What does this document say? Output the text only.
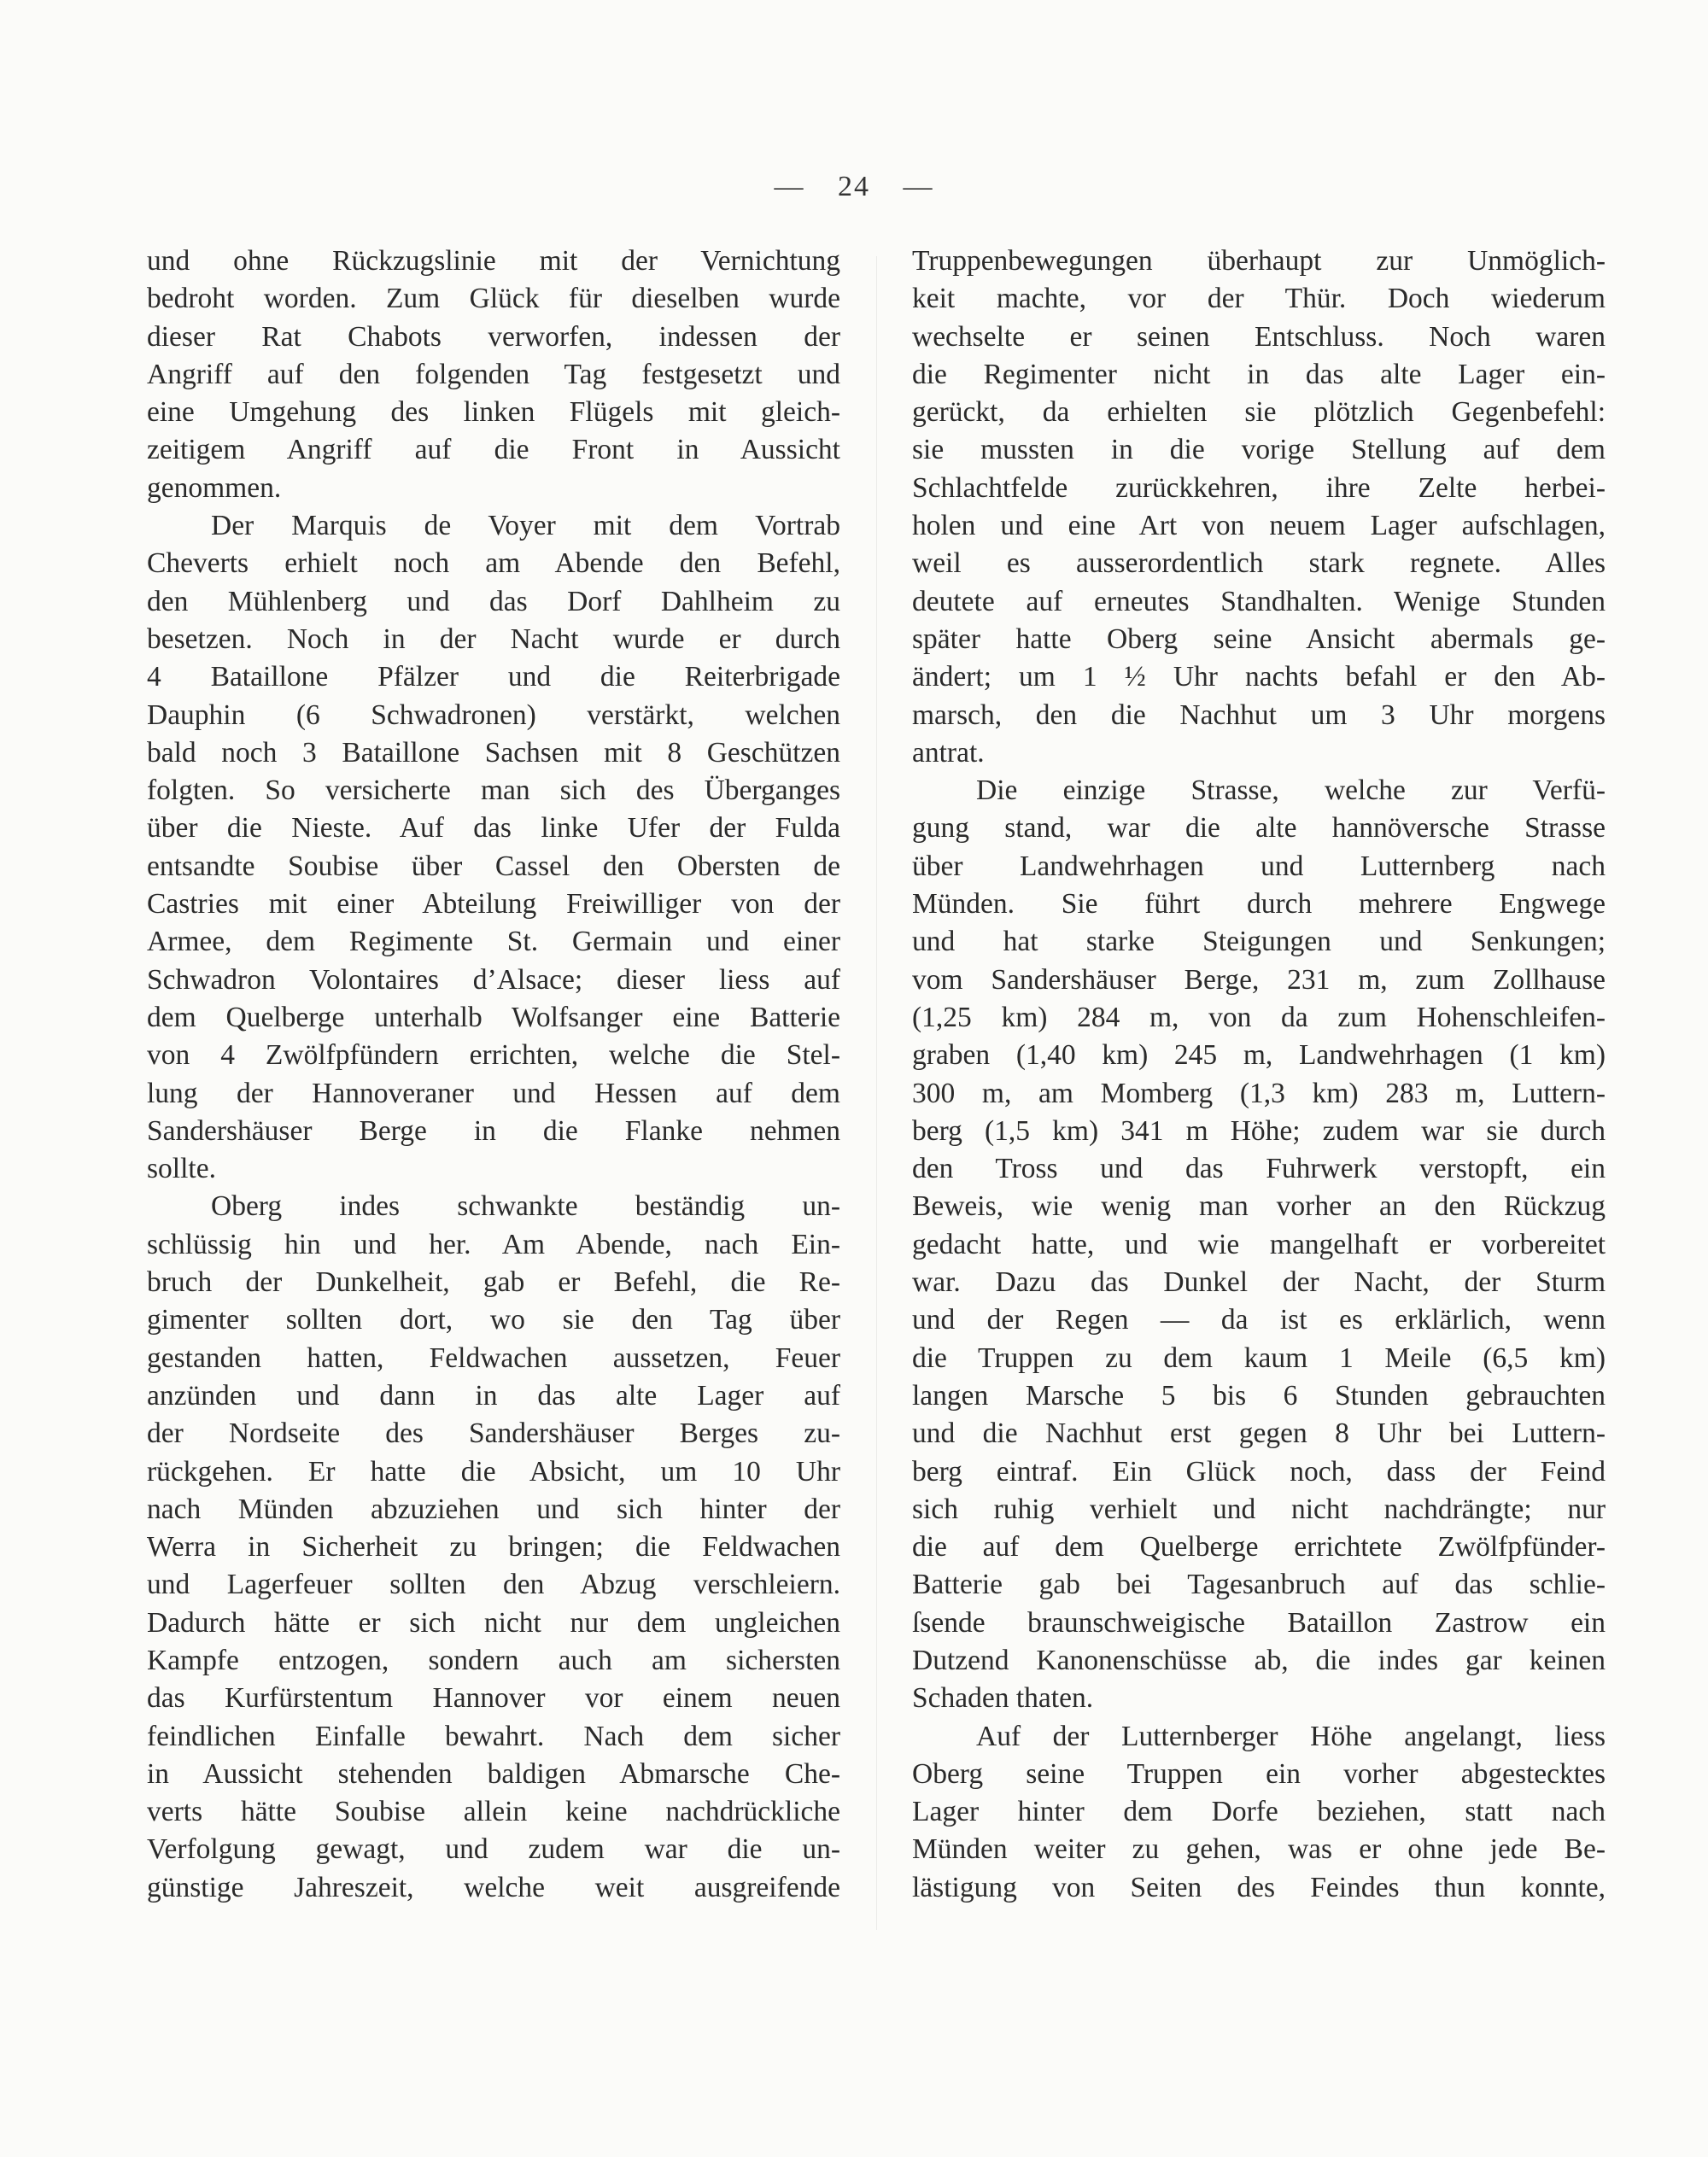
— 24 —
und ohne Rückzugslinie mit der Vernichtung
bedroht worden. Zum Glück für dieselben wurde
dieser Rat Chabots verworfen, indessen der
Angriff auf den folgenden Tag festgesetzt und
eine Umgehung des linken Flügels mit gleich-
zeitigem Angriff auf die Front in Aussicht
genommen.
Der Marquis de Voyer mit dem Vortrab
Cheverts erhielt noch am Abende den Befehl,
den Mühlenberg und das Dorf Dahlheim zu
besetzen. Noch in der Nacht wurde er durch
4 Bataillone Pfälzer und die Reiterbrigade
Dauphin (6 Schwadronen) verstärkt, welchen
bald noch 3 Bataillone Sachsen mit 8 Geschützen
folgten. So versicherte man sich des Überganges
über die Nieste. Auf das linke Ufer der Fulda
entsandte Soubise über Cassel den Obersten de
Castries mit einer Abteilung Freiwilliger von der
Armee, dem Regimente St. Germain und einer
Schwadron Volontaires d’Alsace; dieser liess auf
dem Quelberge unterhalb Wolfsanger eine Batterie
von 4 Zwölfpfündern errichten, welche die Stel-
lung der Hannoveraner und Hessen auf dem
Sandershäuser Berge in die Flanke nehmen
sollte.
Oberg indes schwankte beständig un-
schlüssig hin und her. Am Abende, nach Ein-
bruch der Dunkelheit, gab er Befehl, die Re-
gimenter sollten dort, wo sie den Tag über
gestanden hatten, Feldwachen aussetzen, Feuer
anzünden und dann in das alte Lager auf
der Nordseite des Sandershäuser Berges zu-
rückgehen. Er hatte die Absicht, um 10 Uhr
nach Münden abzuziehen und sich hinter der
Werra in Sicherheit zu bringen; die Feldwachen
und Lagerfeuer sollten den Abzug verschleiern.
Dadurch hätte er sich nicht nur dem ungleichen
Kampfe entzogen, sondern auch am sichersten
das Kurfürstentum Hannover vor einem neuen
feindlichen Einfalle bewahrt. Nach dem sicher
in Aussicht stehenden baldigen Abmarsche Che-
verts hätte Soubise allein keine nachdrückliche
Verfolgung gewagt, und zudem war die un-
günstige Jahreszeit, welche weit ausgreifende
Truppenbewegungen überhaupt zur Unmöglich-
keit machte, vor der Thür. Doch wiederum
wechselte er seinen Entschluss. Noch waren
die Regimenter nicht in das alte Lager ein-
gerückt, da erhielten sie plötzlich Gegenbefehl:
sie mussten in die vorige Stellung auf dem
Schlachtfelde zurückkehren, ihre Zelte herbei-
holen und eine Art von neuem Lager aufschlagen,
weil es ausserordentlich stark regnete. Alles
deutete auf erneutes Standhalten. Wenige Stunden
später hatte Oberg seine Ansicht abermals ge-
ändert; um 1 ½ Uhr nachts befahl er den Ab-
marsch, den die Nachhut um 3 Uhr morgens
antrat.
Die einzige Strasse, welche zur Verfü-
gung stand, war die alte hannöversche Strasse
über Landwehrhagen und Lutternberg nach
Münden. Sie führt durch mehrere Engwege
und hat starke Steigungen und Senkungen;
vom Sandershäuser Berge, 231 m, zum Zollhause
(1,25 km) 284 m, von da zum Hohenschleifen-
graben (1,40 km) 245 m, Landwehrhagen (1 km)
300 m, am Momberg (1,3 km) 283 m, Luttern-
berg (1,5 km) 341 m Höhe; zudem war sie durch
den Tross und das Fuhrwerk verstopft, ein
Beweis, wie wenig man vorher an den Rückzug
gedacht hatte, und wie mangelhaft er vorbereitet
war. Dazu das Dunkel der Nacht, der Sturm
und der Regen — da ist es erklärlich, wenn
die Truppen zu dem kaum 1 Meile (6,5 km)
langen Marsche 5 bis 6 Stunden gebrauchten
und die Nachhut erst gegen 8 Uhr bei Luttern-
berg eintraf. Ein Glück noch, dass der Feind
sich ruhig verhielt und nicht nachdrängte; nur
die auf dem Quelberge errichtete Zwölfpfünder-
Batterie gab bei Tagesanbruch auf das schlie-
ſsende braunschweigische Bataillon Zastrow ein
Dutzend Kanonenschüsse ab, die indes gar keinen
Schaden thaten.
Auf der Lutternberger Höhe angelangt, liess
Oberg seine Truppen ein vorher abgestecktes
Lager hinter dem Dorfe beziehen, statt nach
Münden weiter zu gehen, was er ohne jede Be-
lästigung von Seiten des Feindes thun konnte,
